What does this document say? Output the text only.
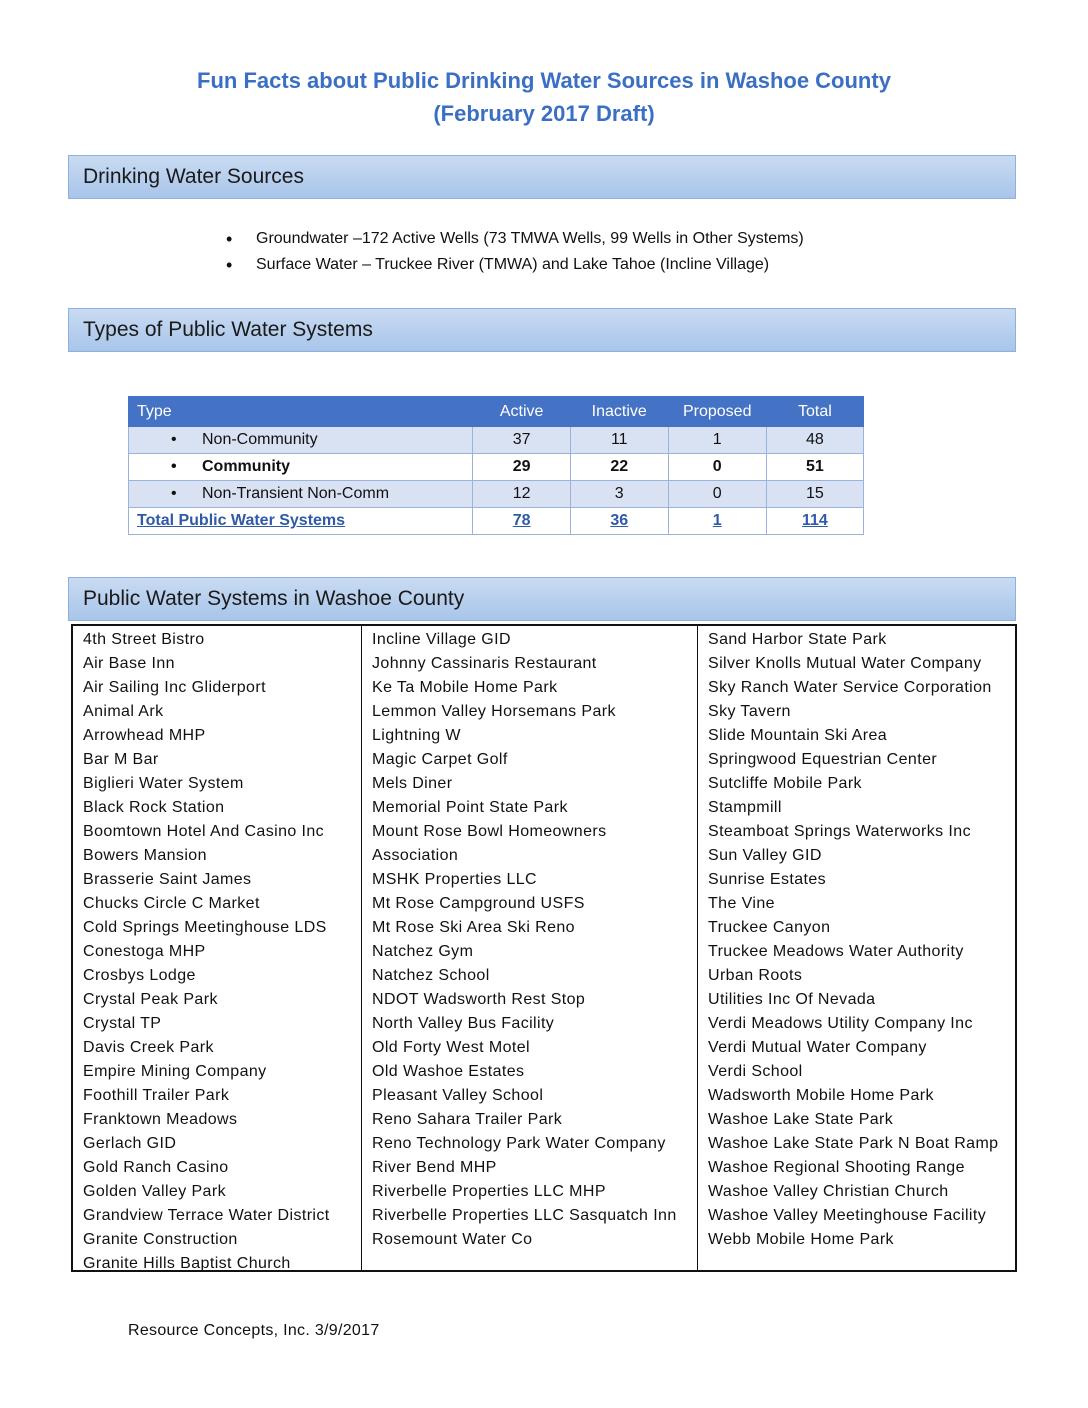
Fun Facts about Public Drinking Water Sources in Washoe County
(February 2017 Draft)
Drinking Water Sources
• Groundwater –172 Active Wells (73 TMWA Wells, 99 Wells in Other Systems)
• Surface Water – Truckee River (TMWA) and Lake Tahoe (Incline Village)
Types of Public Water Systems
Type	Active	Inactive	Proposed	Total
• Non-Community	37	11	1	48
• Community	29	22	0	51
• Non-Transient Non-Comm	12	3	0	15
Total Public Water Systems	78	36	1	114
Public Water Systems in Washoe County
4th Street Bistro
Air Base Inn
Air Sailing Inc Gliderport
Animal Ark
Arrowhead MHP
Bar M Bar
Biglieri Water System
Black Rock Station
Boomtown Hotel And Casino Inc
Bowers Mansion
Brasserie Saint James
Chucks Circle C Market
Cold Springs Meetinghouse LDS
Conestoga MHP
Crosbys Lodge
Crystal Peak Park
Crystal TP
Davis Creek Park
Empire Mining Company
Foothill Trailer Park
Franktown Meadows
Gerlach GID
Gold Ranch Casino
Golden Valley Park
Grandview Terrace Water District
Granite Construction
Granite Hills Baptist Church
Incline Village GID
Johnny Cassinaris Restaurant
Ke Ta Mobile Home Park
Lemmon Valley Horsemans Park
Lightning W
Magic Carpet Golf
Mels Diner
Memorial Point State Park
Mount Rose Bowl Homeowners
Association
MSHK Properties LLC
Mt Rose Campground USFS
Mt Rose Ski Area Ski Reno
Natchez Gym
Natchez School
NDOT Wadsworth Rest Stop
North Valley Bus Facility
Old Forty West Motel
Old Washoe Estates
Pleasant Valley School
Reno Sahara Trailer Park
Reno Technology Park Water Company
River Bend MHP
Riverbelle Properties LLC MHP
Riverbelle Properties LLC Sasquatch Inn
Rosemount Water Co
Sand Harbor State Park
Silver Knolls Mutual Water Company
Sky Ranch Water Service Corporation
Sky Tavern
Slide Mountain Ski Area
Springwood Equestrian Center
Sutcliffe Mobile Park
Stampmill
Steamboat Springs Waterworks Inc
Sun Valley GID
Sunrise Estates
The Vine
Truckee Canyon
Truckee Meadows Water Authority
Urban Roots
Utilities Inc Of Nevada
Verdi Meadows Utility Company Inc
Verdi Mutual Water Company
Verdi School
Wadsworth Mobile Home Park
Washoe Lake State Park
Washoe Lake State Park N Boat Ramp
Washoe Regional Shooting Range
Washoe Valley Christian Church
Washoe Valley Meetinghouse Facility
Webb Mobile Home Park
Resource Concepts, Inc. 3/9/2017
